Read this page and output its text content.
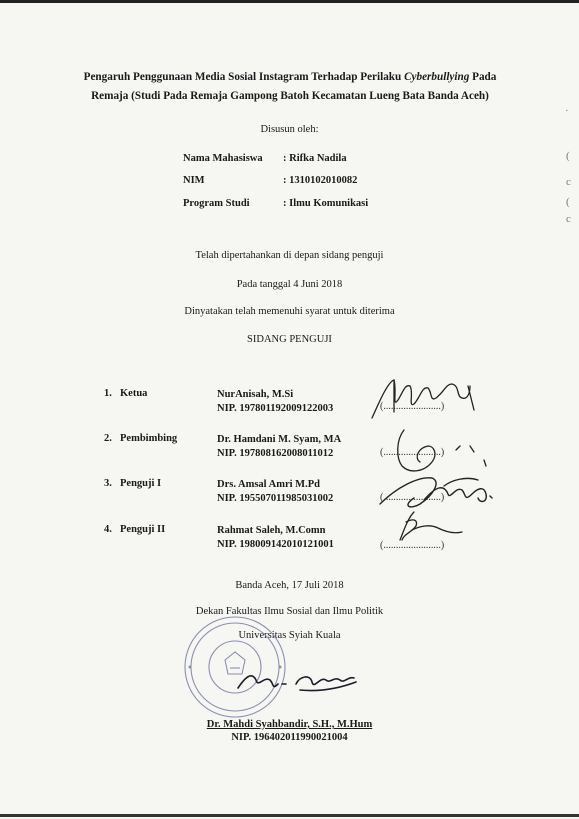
Pengaruh Penggunaan Media Sosial Instagram Terhadap Perilaku Cyberbullying Pada
Remaja (Studi Pada Remaja Gampong Batoh Kecamatan Lueng Bata Banda Aceh)
Disusun oleh:
Nama Mahasiswa : Rifka Nadila
NIM	: 1310102010082
Program Studi	: Ilmu Komunikasi
Telah dipertahankan di depan sidang penguji
Pada tanggal 4 Juni 2018
Dinyatakan telah memenuhi syarat untuk diterima
SIDANG PENGUJI
1. Ketua	NurAnisah, M.Si
NIP. 197801192009122003	(.......................)
2. Pembimbing	Dr. Hamdani M. Syam, MA
NIP. 197808162008011012	(.......................)
3. Penguji I	Drs. Amsal Amri M.Pd
NIP. 195507011985031002	(.......................)
4. Penguji II	Rahmat Saleh, M.Comn
NIP. 198009142010121001	(.......................)
Banda Aceh, 17 Juli 2018
Dekan Fakultas Ilmu Sosial dan Ilmu Politik
Universitas Syiah Kuala
Dr. Mahdi Syahbandir, S.H., M.Hum
NIP. 196402011990021004
·
(
c
(
c
